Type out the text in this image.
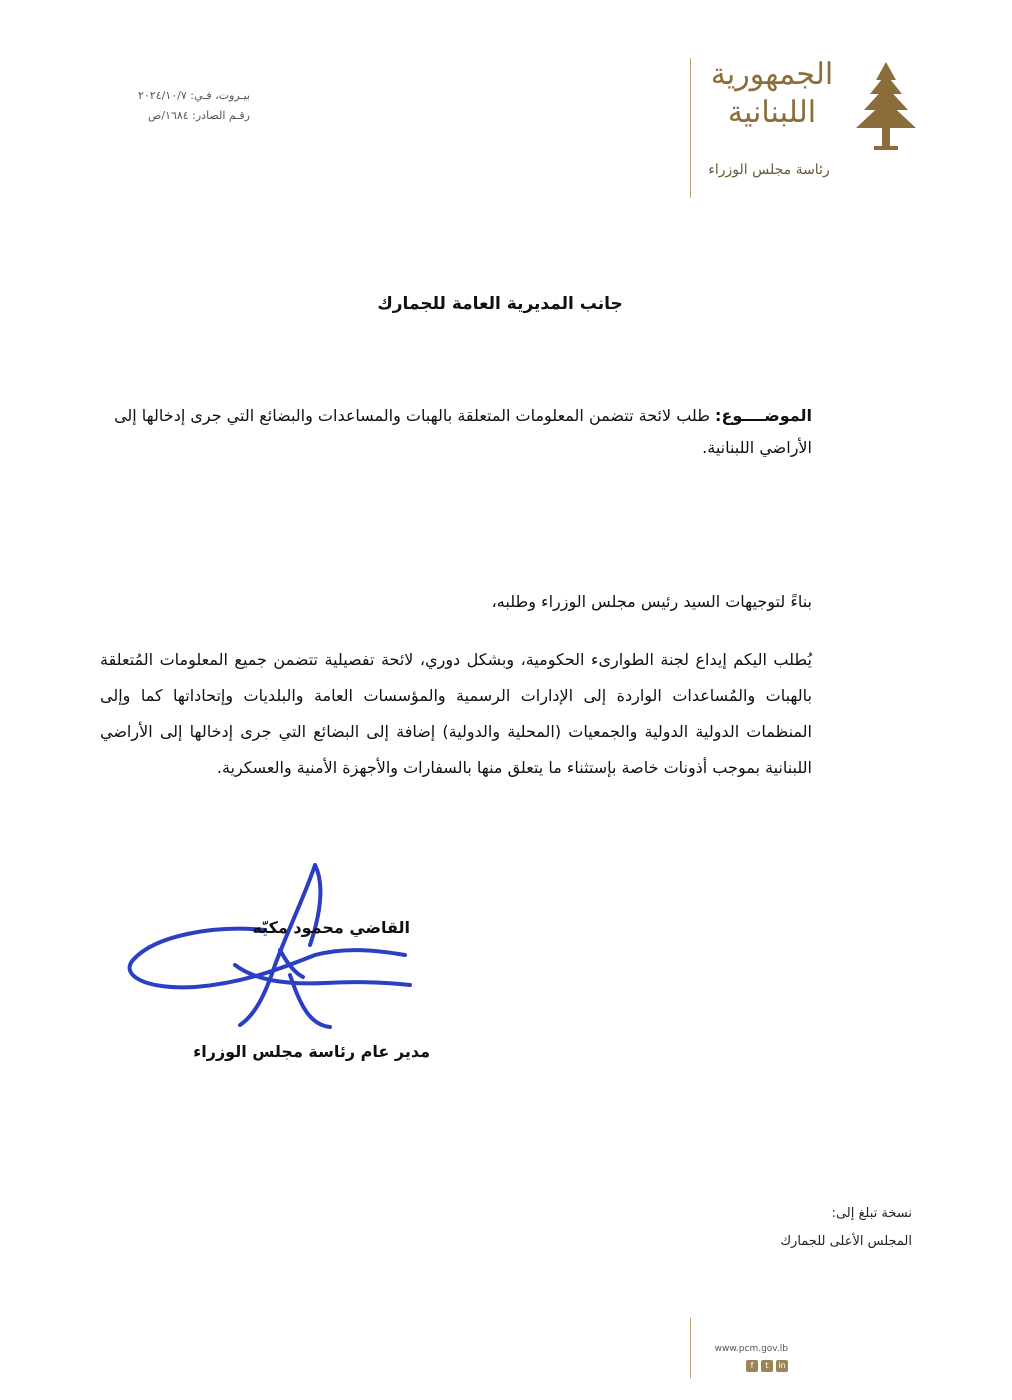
الجمهورية
اللبنانية
رئاسة مجلس الوزراء
بيـروت، فـي: ٢٠٢٤/١٠/٧
رقـم الصادر: ١٦٨٤/ص
جانب المديرية العامة للجمارك
الموضــــوع: طلب لائحة تتضمن المعلومات المتعلقة بالهبات والمساعدات والبضائع التي جرى إدخالها إلى الأراضي اللبنانية.
بناءً لتوجيهات السيد رئيس مجلس الوزراء وطلبه،
يُطلب اليكم إيداع لجنة الطوارىء الحكومية، وبشكل دوري، لائحة تفصيلية تتضمن جميع المعلومات المُتعلقة بالهبات والمُساعدات الواردة إلى الإدارات الرسمية والمؤسسات العامة والبلديات وإتحاداتها كما وإلى المنظمات الدولية الدولية والجمعيات (المحلية والدولية) إضافة إلى البضائع التي جرى إدخالها إلى الأراضي اللبنانية بموجب أذونات خاصة بإستثناء ما يتعلق منها بالسفارات والأجهزة الأمنية والعسكرية.
القاضي محمود مكيّه
مدير عام رئاسة مجلس الوزراء
نسخة تبلغ إلى:
المجلس الأعلى للجمارك
www.pcm.gov.lb
f	t	in
